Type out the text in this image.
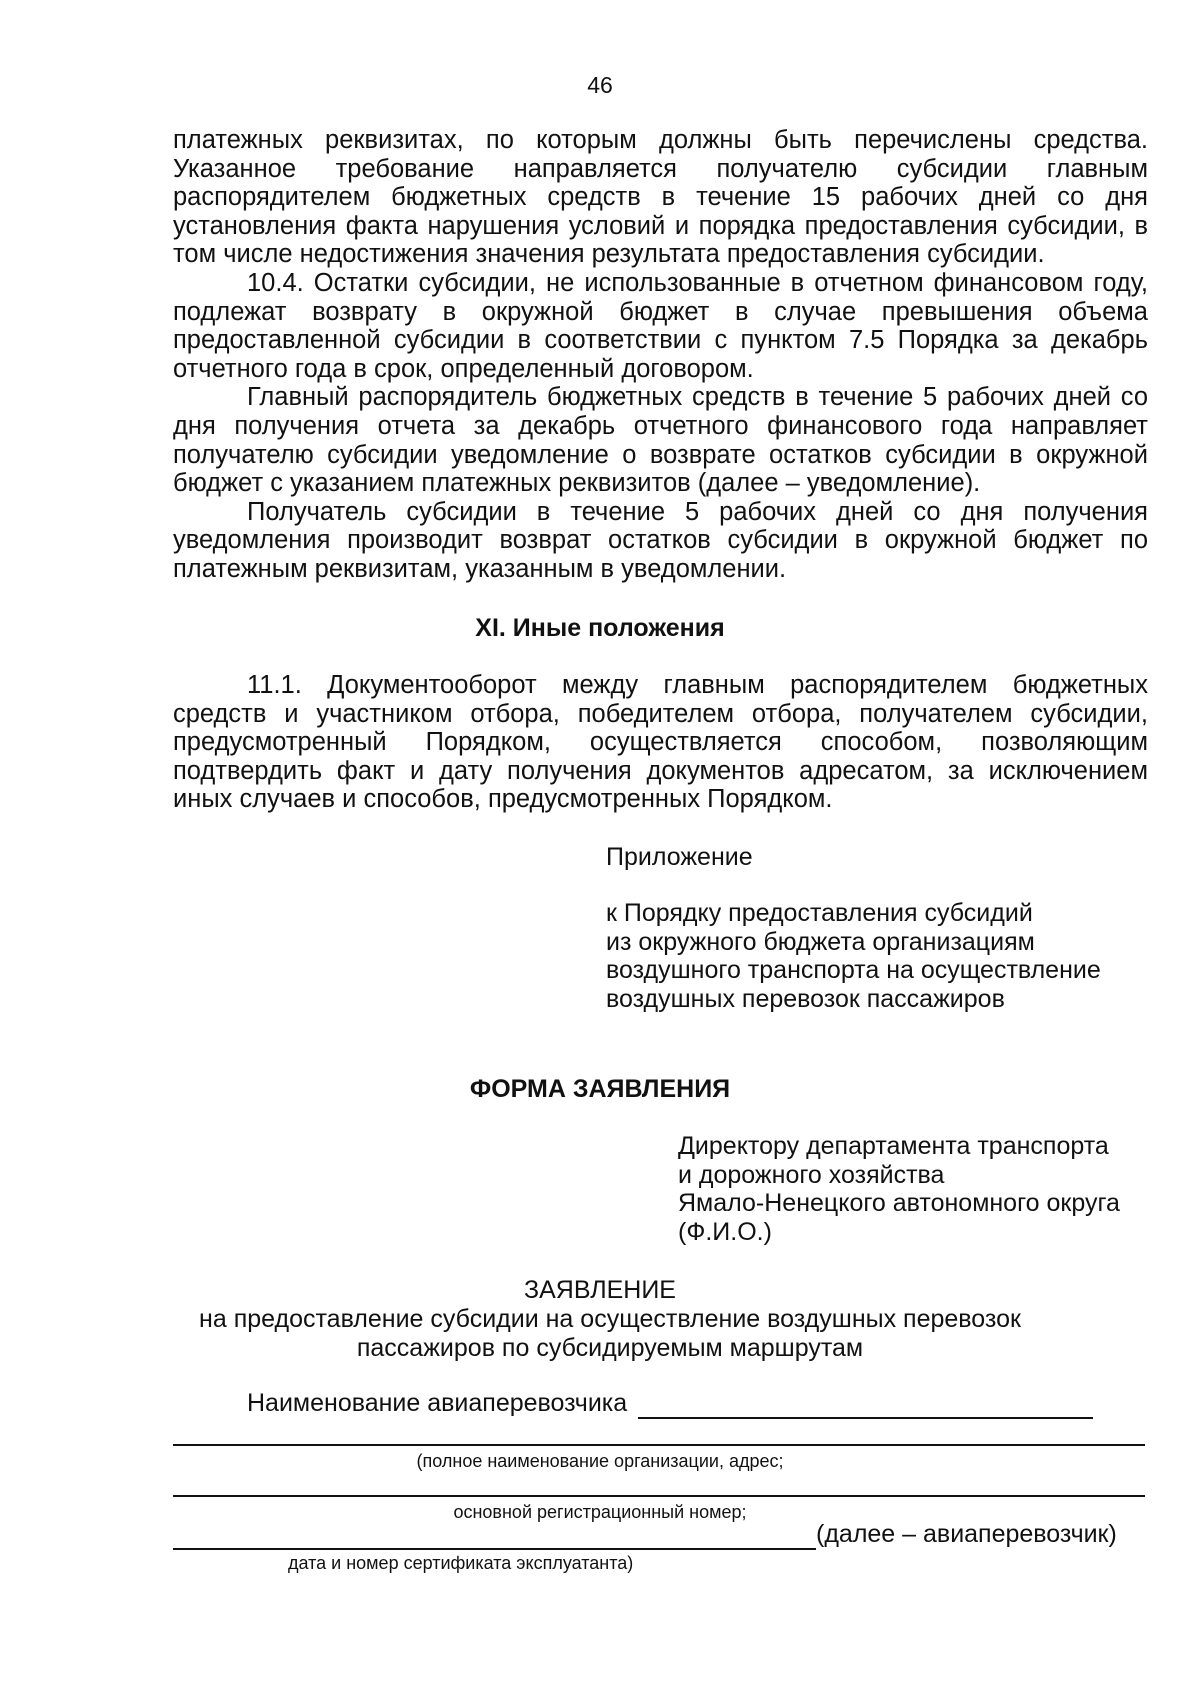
46

платежных реквизитах, по которым должны быть перечислены средства. Указанное требование направляется получателю субсидии главным распорядителем бюджетных средств в течение 15 рабочих дней со дня установления факта нарушения условий и порядка предоставления субсидии, в том числе недостижения значения результата предоставления субсидии.

10.4. Остатки субсидии, не использованные в отчетном финансовом году, подлежат возврату в окружной бюджет в случае превышения объема предоставленной субсидии в соответствии с пунктом 7.5 Порядка за декабрь отчетного года в срок, определенный договором.

Главный распорядитель бюджетных средств в течение 5 рабочих дней со дня получения отчета за декабрь отчетного финансового года направляет получателю субсидии уведомление о возврате остатков субсидии в окружной бюджет с указанием платежных реквизитов (далее – уведомление).

Получатель субсидии в течение 5 рабочих дней со дня получения уведомления производит возврат остатков субсидии в окружной бюджет по платежным реквизитам, указанным в уведомлении.

XI. Иные положения

11.1. Документооборот между главным распорядителем бюджетных средств и участником отбора, победителем отбора, получателем субсидии, предусмотренный Порядком, осуществляется способом, позволяющим подтвердить факт и дату получения документов адресатом, за исключением иных случаев и способов, предусмотренных Порядком.

Приложение
к Порядку предоставления субсидий
из окружного бюджета организациям
воздушного транспорта на осуществление
воздушных перевозок пассажиров
ФОРМА ЗАЯВЛЕНИЯ
Директору департамента транспорта
и дорожного хозяйства
Ямало-Ненецкого автономного округа
(Ф.И.О.)
ЗАЯВЛЕНИЕ
на предоставление субсидии на осуществление воздушных перевозок пассажиров по субсидируемым маршрутам
Наименование авиаперевозчика
(полное наименование организации, адрес;
основной регистрационный номер;
(далее – авиаперевозчик)
дата и номер сертификата эксплуатанта)
